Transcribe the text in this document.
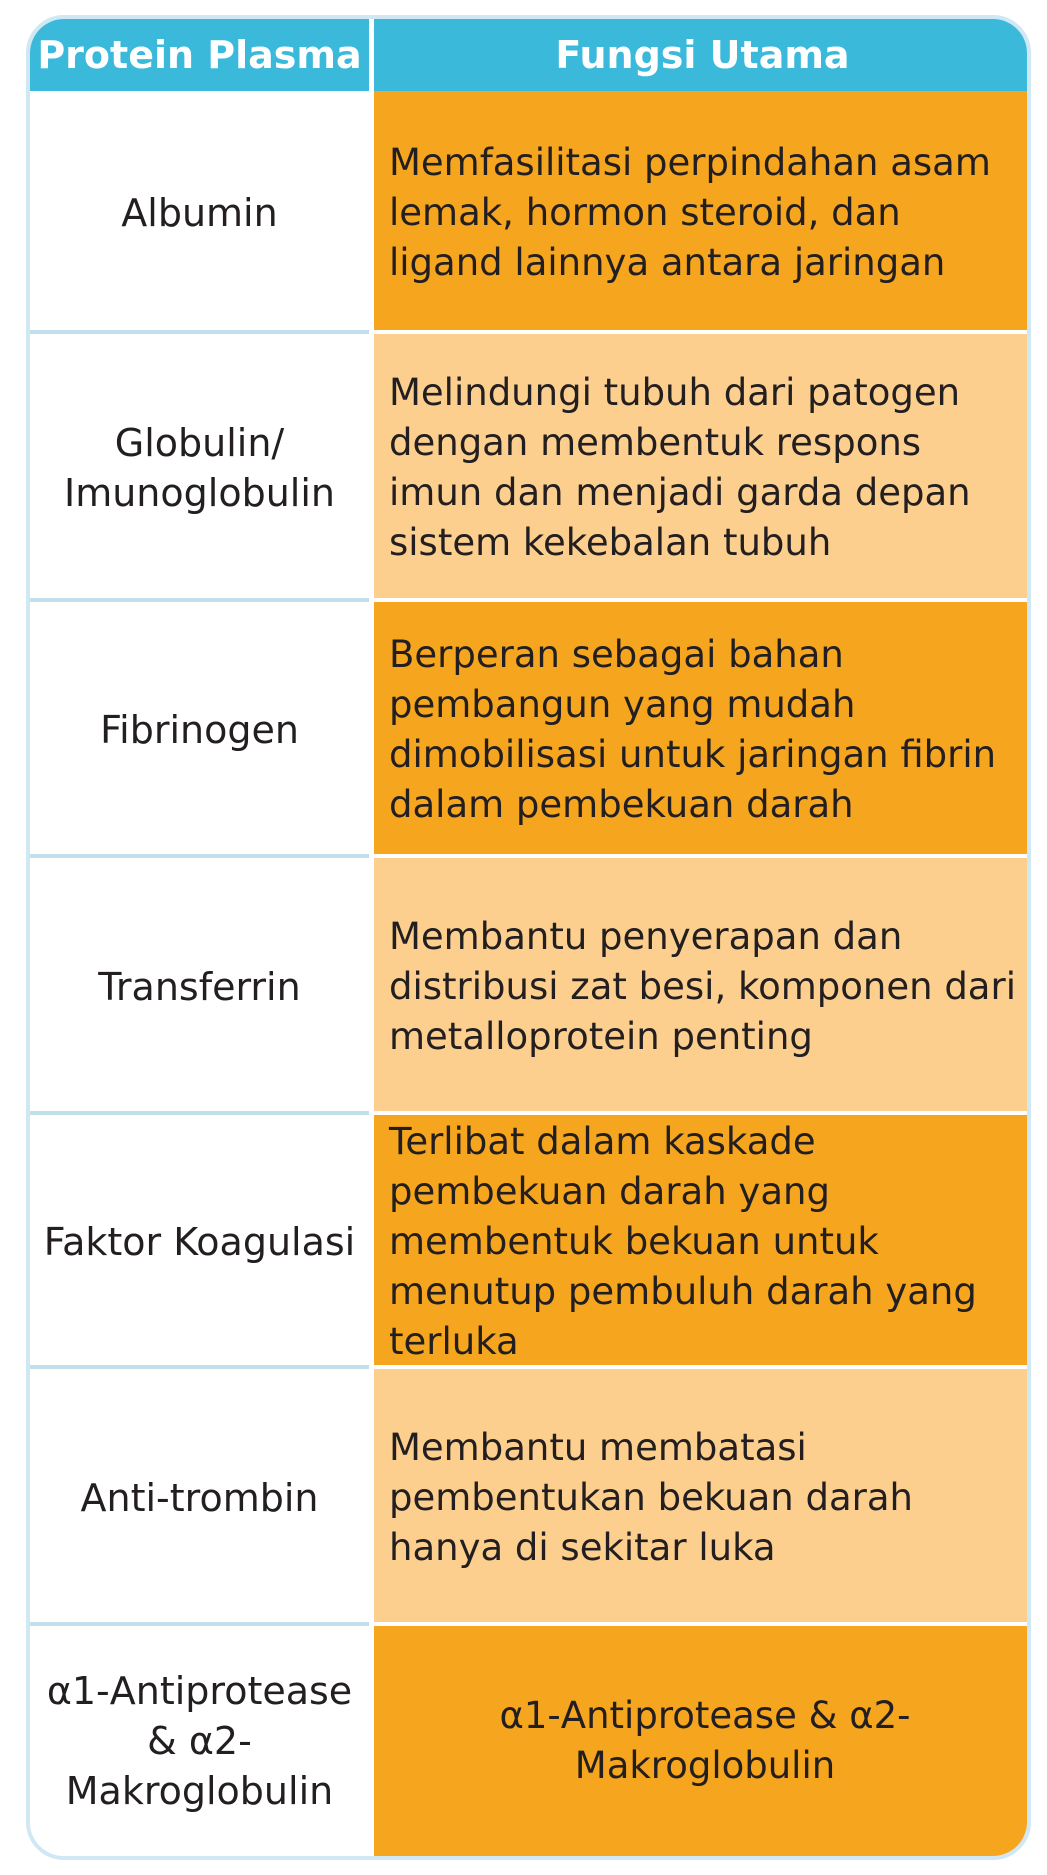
Protein Plasma	Fungsi Utama
Albumin
Memfasilitasi perpindahan asam lemak, hormon steroid, dan ligand lainnya antara jaringan
Globulin/ Imunoglobulin
Melindungi tubuh dari patogen dengan membentuk respons imun dan menjadi garda depan sistem kekebalan tubuh
Fibrinogen
Berperan sebagai bahan pembangun yang mudah dimobilisasi untuk jaringan fibrin dalam pembekuan darah
Transferrin
Membantu penyerapan dan distribusi zat besi, komponen dari metalloprotein penting
Faktor Koagulasi
Terlibat dalam kaskade pembekuan darah yang membentuk bekuan untuk menutup pembuluh darah yang terluka
Anti-trombin
Membantu membatasi pembentukan bekuan darah hanya di sekitar luka
α1-Antiprotease & α2-Makroglobulin
α1-Antiprotease & α2-Makroglobulin
